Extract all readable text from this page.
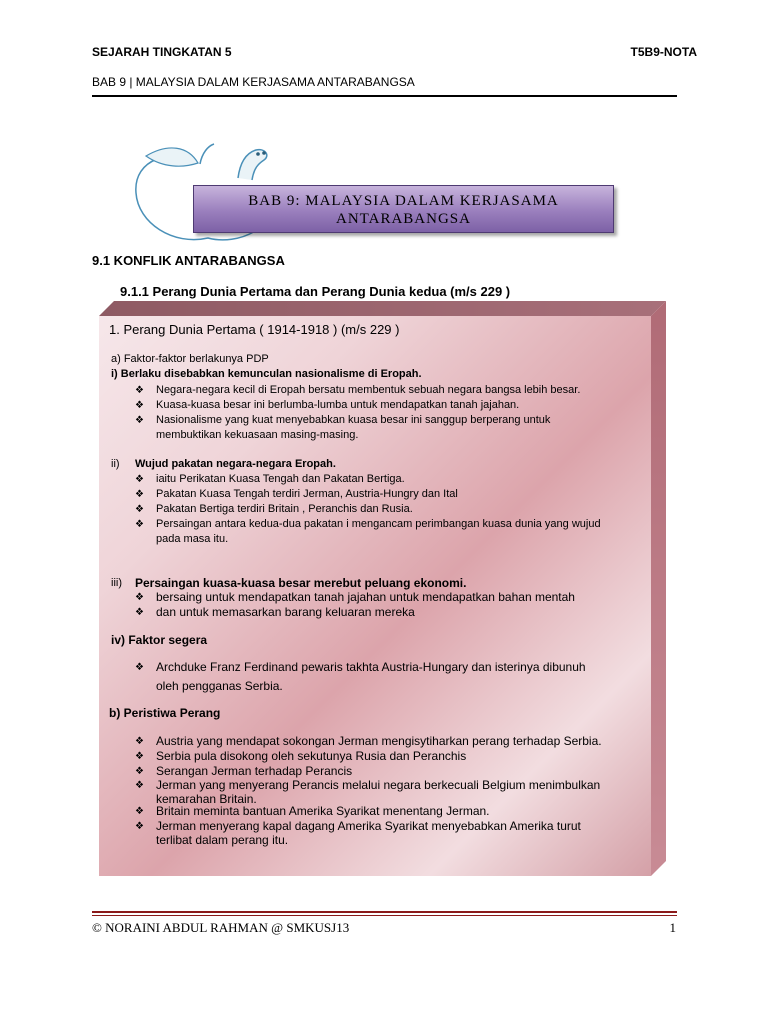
SEJARAH TINGKATAN 5	T5B9-NOTA
BAB 9 | MALAYSIA DALAM KERJASAMA ANTARABANGSA
BAB 9: MALAYSIA DALAM KERJASAMA
ANTARABANGSA
9.1 KONFLIK ANTARABANGSA
9.1.1 Perang Dunia Pertama dan Perang Dunia kedua (m/s 229 )
1. Perang Dunia Pertama ( 1914-1918 ) (m/s 229 )
a) Faktor-faktor berlakunya PDP
i) Berlaku disebabkan kemunculan nasionalisme di Eropah.
❖ Negara-negara kecil di Eropah bersatu membentuk sebuah negara bangsa lebih besar.
❖ Kuasa-kuasa besar ini berlumba-lumba untuk mendapatkan tanah jajahan.
❖ Nasionalisme yang kuat menyebabkan kuasa besar ini sanggup berperang untuk
membuktikan kekuasaan masing-masing.
ii) Wujud pakatan negara-negara Eropah.
❖ iaitu Perikatan Kuasa Tengah dan Pakatan Bertiga.
❖ Pakatan Kuasa Tengah terdiri Jerman, Austria-Hungry dan Ital
❖ Pakatan Bertiga terdiri Britain , Peranchis dan Rusia.
❖ Persaingan antara kedua-dua pakatan i mengancam perimbangan kuasa dunia yang wujud
pada masa itu.
iii) Persaingan kuasa-kuasa besar merebut peluang ekonomi.
❖ bersaing untuk mendapatkan tanah jajahan untuk mendapatkan bahan mentah
❖ dan untuk memasarkan barang keluaran mereka
iv) Faktor segera
❖ Archduke Franz Ferdinand pewaris takhta Austria-Hungary dan isterinya dibunuh
oleh pengganas Serbia.
b) Peristiwa Perang
❖ Austria yang mendapat sokongan Jerman mengisytiharkan perang terhadap Serbia.
❖ Serbia pula disokong oleh sekutunya Rusia dan Peranchis
❖ Serangan Jerman terhadap Perancis
❖ Jerman yang menyerang Perancis melalui negara berkecuali Belgium menimbulkan
kemarahan Britain.
❖ Britain meminta bantuan Amerika Syarikat menentang Jerman.
❖ Jerman menyerang kapal dagang Amerika Syarikat menyebabkan Amerika turut
terlibat dalam perang itu.
© NORAINI ABDUL RAHMAN @ SMKUSJ13	1
